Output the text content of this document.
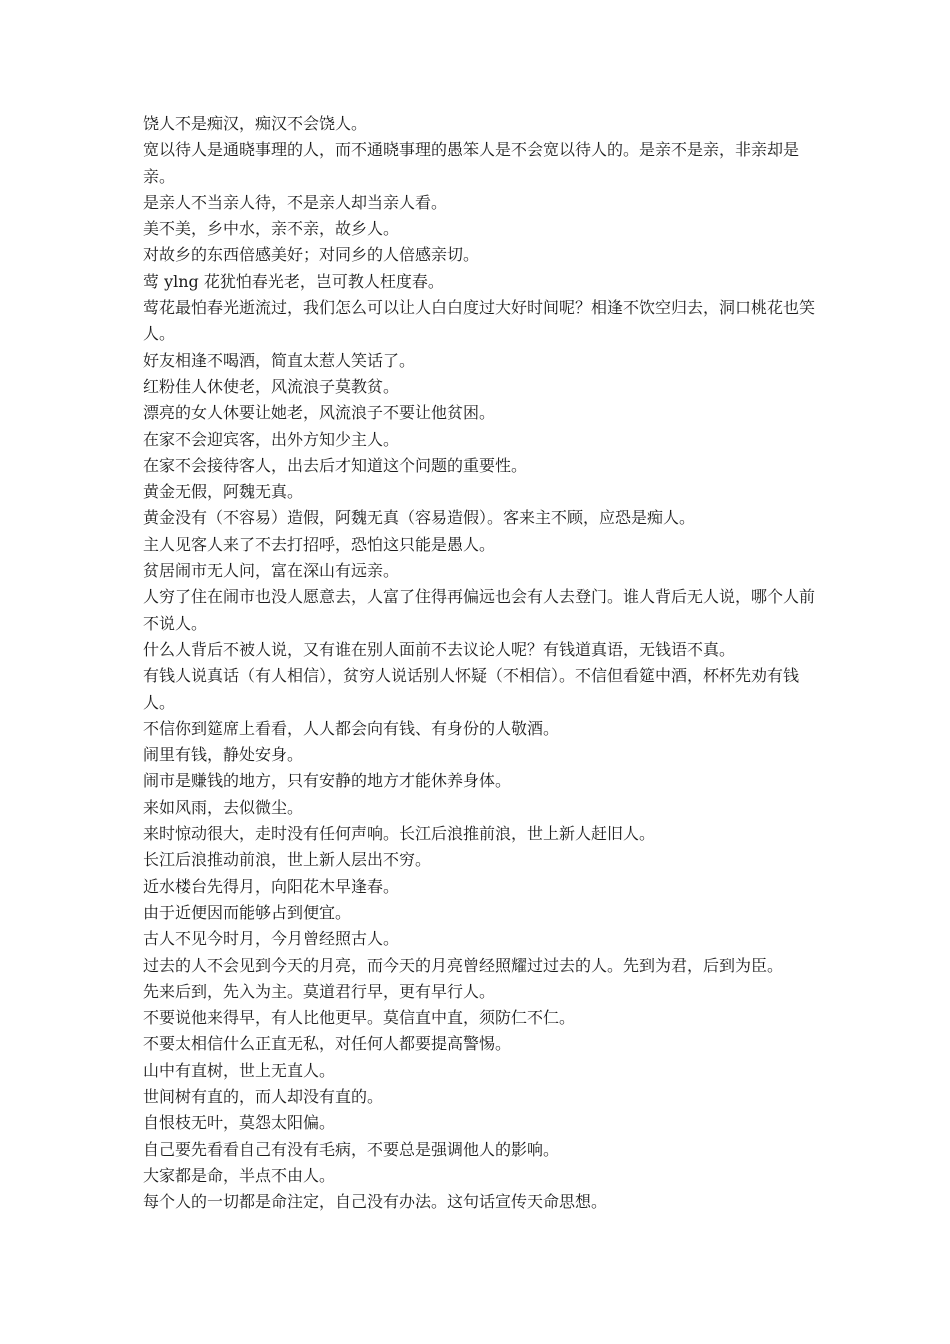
饶人不是痴汉，痴汉不会饶人。

宽以待人是通晓事理的人，而不通晓事理的愚笨人是不会宽以待人的。是亲不是亲，非亲却是亲。

是亲人不当亲人待，不是亲人却当亲人看。

美不美，乡中水，亲不亲，故乡人。

对故乡的东西倍感美好；对同乡的人倍感亲切。

莺 ylng 花犹怕春光老，岂可教人枉度春。

莺花最怕春光逝流过，我们怎么可以让人白白度过大好时间呢？相逢不饮空归去，洞口桃花也笑人。

好友相逢不喝酒，简直太惹人笑话了。

红粉佳人休使老，风流浪子莫教贫。

漂亮的女人休要让她老，风流浪子不要让他贫困。

在家不会迎宾客，出外方知少主人。

在家不会接待客人，出去后才知道这个问题的重要性。

黄金无假，阿魏无真。

黄金没有（不容易）造假，阿魏无真（容易造假）。客来主不顾，应恐是痴人。

主人见客人来了不去打招呼，恐怕这只能是愚人。

贫居闹市无人问，富在深山有远亲。

人穷了住在闹市也没人愿意去，人富了住得再偏远也会有人去登门。谁人背后无人说，哪个人前不说人。

什么人背后不被人说，又有谁在别人面前不去议论人呢？有钱道真语，无钱语不真。

有钱人说真话（有人相信），贫穷人说话别人怀疑（不相信）。不信但看筵中酒，杯杯先劝有钱人。

不信你到筵席上看看，人人都会向有钱、有身份的人敬酒。

闹里有钱，静处安身。

闹市是赚钱的地方，只有安静的地方才能休养身体。

来如风雨，去似微尘。

来时惊动很大，走时没有任何声响。长江后浪推前浪，世上新人赶旧人。

长江后浪推动前浪，世上新人层出不穷。

近水楼台先得月，向阳花木早逢春。

由于近便因而能够占到便宜。

古人不见今时月，今月曾经照古人。

过去的人不会见到今天的月亮，而今天的月亮曾经照耀过过去的人。先到为君，后到为臣。

先来后到，先入为主。莫道君行早，更有早行人。

不要说他来得早，有人比他更早。莫信直中直，须防仁不仁。

不要太相信什么正直无私，对任何人都要提高警惕。

山中有直树，世上无直人。

世间树有直的，而人却没有直的。

自恨枝无叶，莫怨太阳偏。

自己要先看看自己有没有毛病，不要总是强调他人的影响。

大家都是命，半点不由人。

每个人的一切都是命注定，自己没有办法。这句话宣传天命思想。
